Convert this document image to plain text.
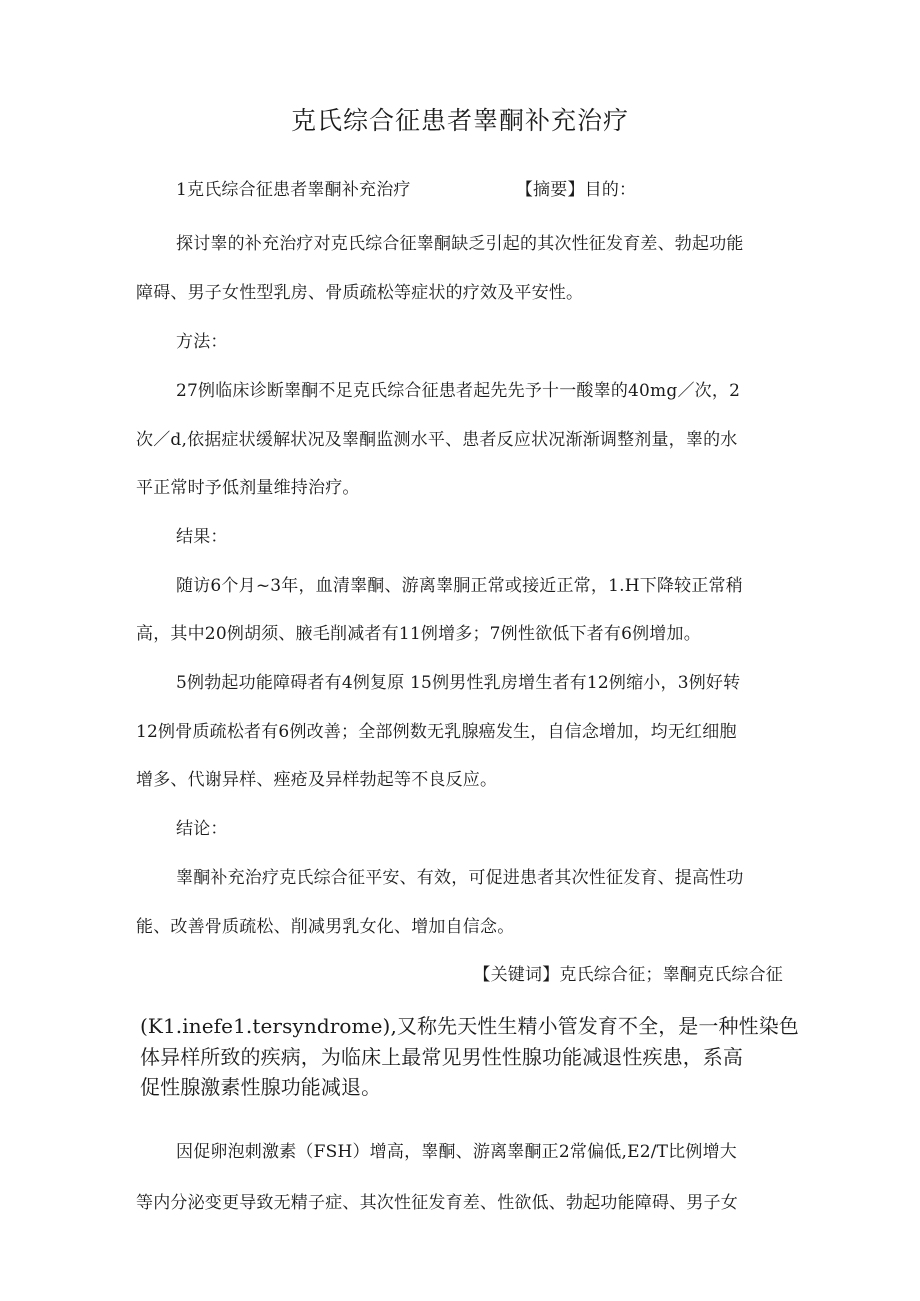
克氏综合征患者睾酮补充治疗
1克氏综合征患者睾酮补充治疗	【摘要】目的：
探讨睾的补充治疗对克氏综合征睾酮缺乏引起的其次性征发育差、勃起功能
障碍、男子女性型乳房、骨质疏松等症状的疗效及平安性。
方法：
27例临床诊断睾酮不足克氏综合征患者起先先予十一酸睾的40mg／次，2
次／d,依据症状缓解状况及睾酮监测水平、患者反应状况渐渐调整剂量，睾的水
平正常时予低剂量维持治疗。
结果：
随访6个月~3年，血清睾酮、游离睾胴正常或接近正常，1.H下降较正常稍
高，其中20例胡须、腋毛削减者有11例增多；7例性欲低下者有6例增加。
5例勃起功能障碍者有4例复原 15例男性乳房增生者有12例缩小，3例好转
12例骨质疏松者有6例改善；全部例数无乳腺癌发生，自信念增加，均无红细胞
增多、代谢异样、痤疮及异样勃起等不良反应。
结论：
睾酮补充治疗克氏综合征平安、有效，可促进患者其次性征发育、提高性功
能、改善骨质疏松、削减男乳女化、增加自信念。
【关键词】克氏综合征；睾酮克氏综合征
(K1.inefe1.tersyndrome),又称先天性生精小管发育不全，是一种性染色
体异样所致的疾病，为临床上最常见男性性腺功能减退性疾患，系高
促性腺激素性腺功能减退。
因促卵泡刺激素（FSH）增高，睾酮、游离睾酮正2常偏低,E2/T比例增大
等内分泌变更导致无精子症、其次性征发育差、性欲低、勃起功能障碍、男子女
